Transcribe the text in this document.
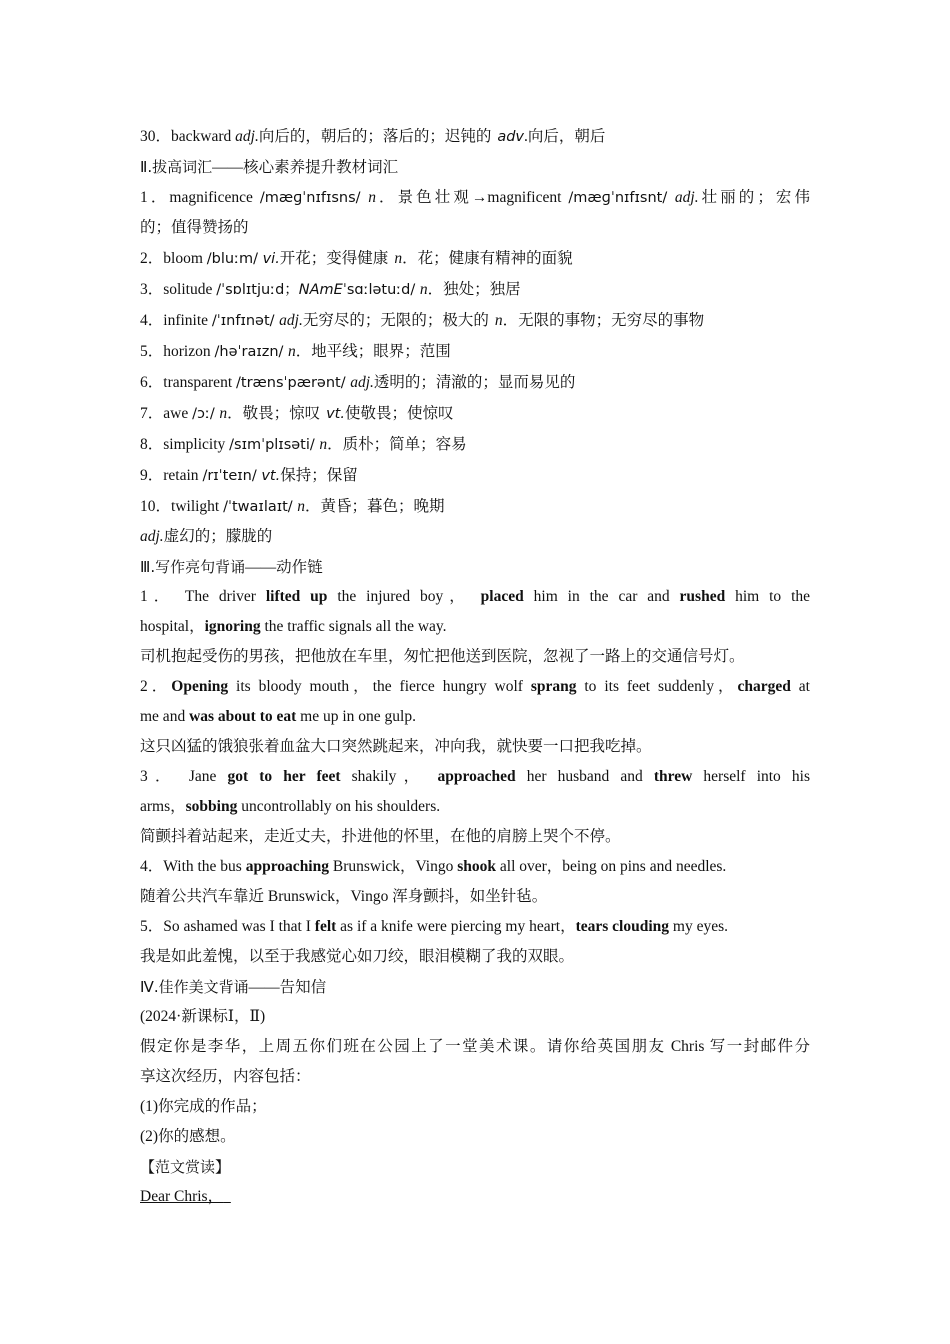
30．backward adj.向后的，朝后的；落后的；迟钝的 adv.向后，朝后
Ⅱ.拔高词汇——核心素养提升教材词汇
1．magnificence /mæɡˈnɪfɪsns/ n．景色壮观→magnificent /mæɡˈnɪfɪsnt/ adj.壮丽的；宏伟
的；值得赞扬的
2．bloom /bluːm/ vi.开花；变得健康 n．花；健康有精神的面貌
3．solitude /ˈsɒlɪtjuːd；NAmEˈsɑːlətuːd/ n．独处；独居
4．infinite /ˈɪnfɪnət/ adj.无穷尽的；无限的；极大的 n．无限的事物；无穷尽的事物
5．horizon /həˈraɪzn/ n．地平线；眼界；范围
6．transparent /trænsˈpærənt/ adj.透明的；清澈的；显而易见的
7．awe /ɔː/ n．敬畏；惊叹 vt.使敬畏；使惊叹
8．simplicity /sɪmˈplɪsəti/ n．质朴；简单；容易
9．retain /rɪˈteɪn/ vt.保持；保留
10．twilight /ˈtwaɪlaɪt/ n．黄昏；暮色；晚期
adj.虚幻的；朦胧的
Ⅲ.写作亮句背诵——动作链
1． The driver lifted up the injured boy， placed him in the car and rushed him to the
hospital，ignoring the traffic signals all the way.
司机抱起受伤的男孩，把他放在车里，匆忙把他送到医院，忽视了一路上的交通信号灯。
2．Opening its bloody mouth，the fierce hungry wolf sprang to its feet suddenly，charged at
me and was about to eat me up in one gulp.
这只凶猛的饿狼张着血盆大口突然跳起来，冲向我，就快要一口把我吃掉。
3． Jane got to her feet shakily， approached her husband and threw herself into his
arms，sobbing uncontrollably on his shoulders.
简颤抖着站起来，走近丈夫，扑进他的怀里，在他的肩膀上哭个不停。
4．With the bus approaching Brunswick，Vingo shook all over，being on pins and needles.
随着公共汽车靠近 Brunswick，Vingo 浑身颤抖，如坐针毡。
5．So ashamed was I that I felt as if a knife were piercing my heart，tears clouding my eyes.
我是如此羞愧，以至于我感觉心如刀绞，眼泪模糊了我的双眼。
Ⅳ.佳作美文背诵——告知信
(2024·新课标Ⅰ，Ⅱ)
假定你是李华，上周五你们班在公园上了一堂美术课。请你给英国朋友 Chris 写一封邮件分
享这次经历，内容包括：
(1)你完成的作品；
(2)你的感想。
【范文赏读】
Dear Chris，
